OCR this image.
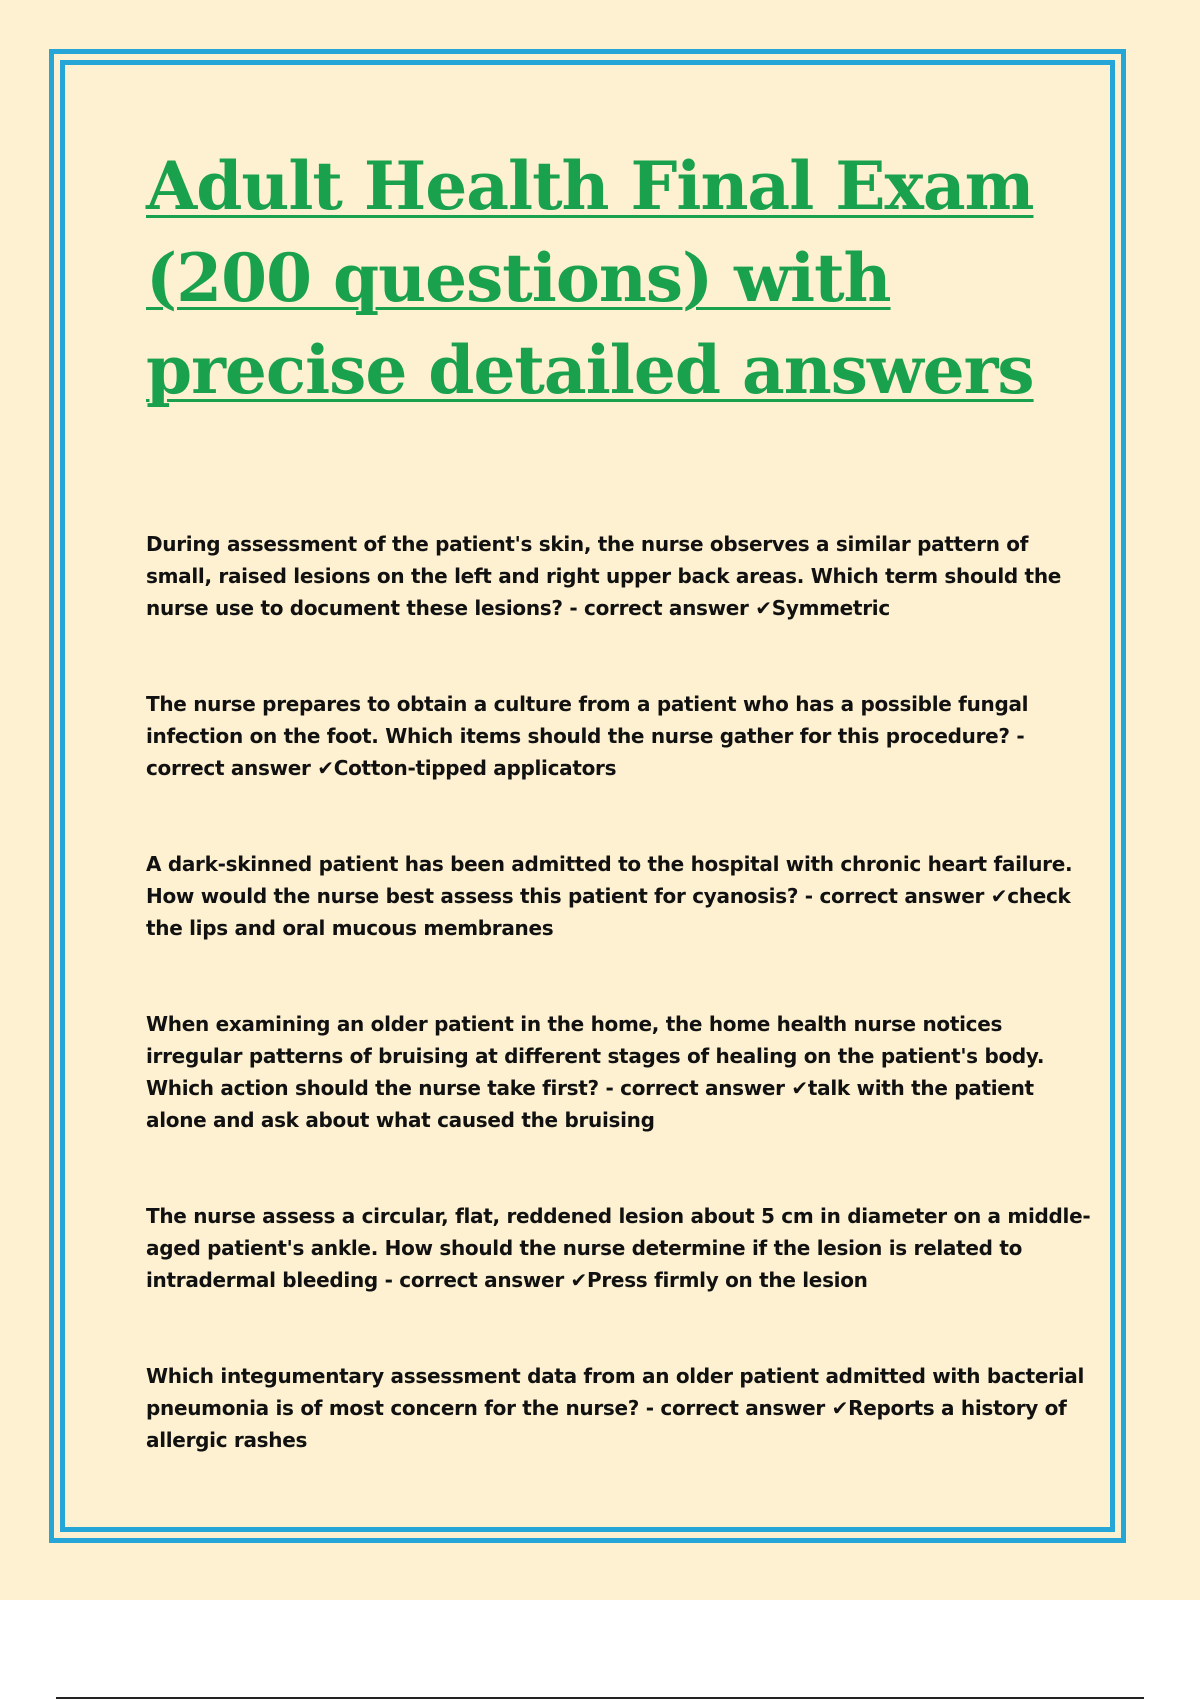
Adult Health Final Exam (200 questions) with precise detailed answers

During assessment of the patient's skin, the nurse observes a similar pattern of small, raised lesions on the left and right upper back areas. Which term should the nurse use to document these lesions? - correct answer ✔Symmetric

The nurse prepares to obtain a culture from a patient who has a possible fungal infection on the foot. Which items should the nurse gather for this procedure? - correct answer ✔Cotton-tipped applicators

A dark-skinned patient has been admitted to the hospital with chronic heart failure. How would the nurse best assess this patient for cyanosis? - correct answer ✔check the lips and oral mucous membranes

When examining an older patient in the home, the home health nurse notices irregular patterns of bruising at different stages of healing on the patient's body. Which action should the nurse take first? - correct answer ✔talk with the patient alone and ask about what caused the bruising

The nurse assess a circular, flat, reddened lesion about 5 cm in diameter on a middle-aged patient's ankle. How should the nurse determine if the lesion is related to intradermal bleeding - correct answer ✔Press firmly on the lesion

Which integumentary assessment data from an older patient admitted with bacterial pneumonia is of most concern for the nurse? - correct answer ✔Reports a history of allergic rashes
